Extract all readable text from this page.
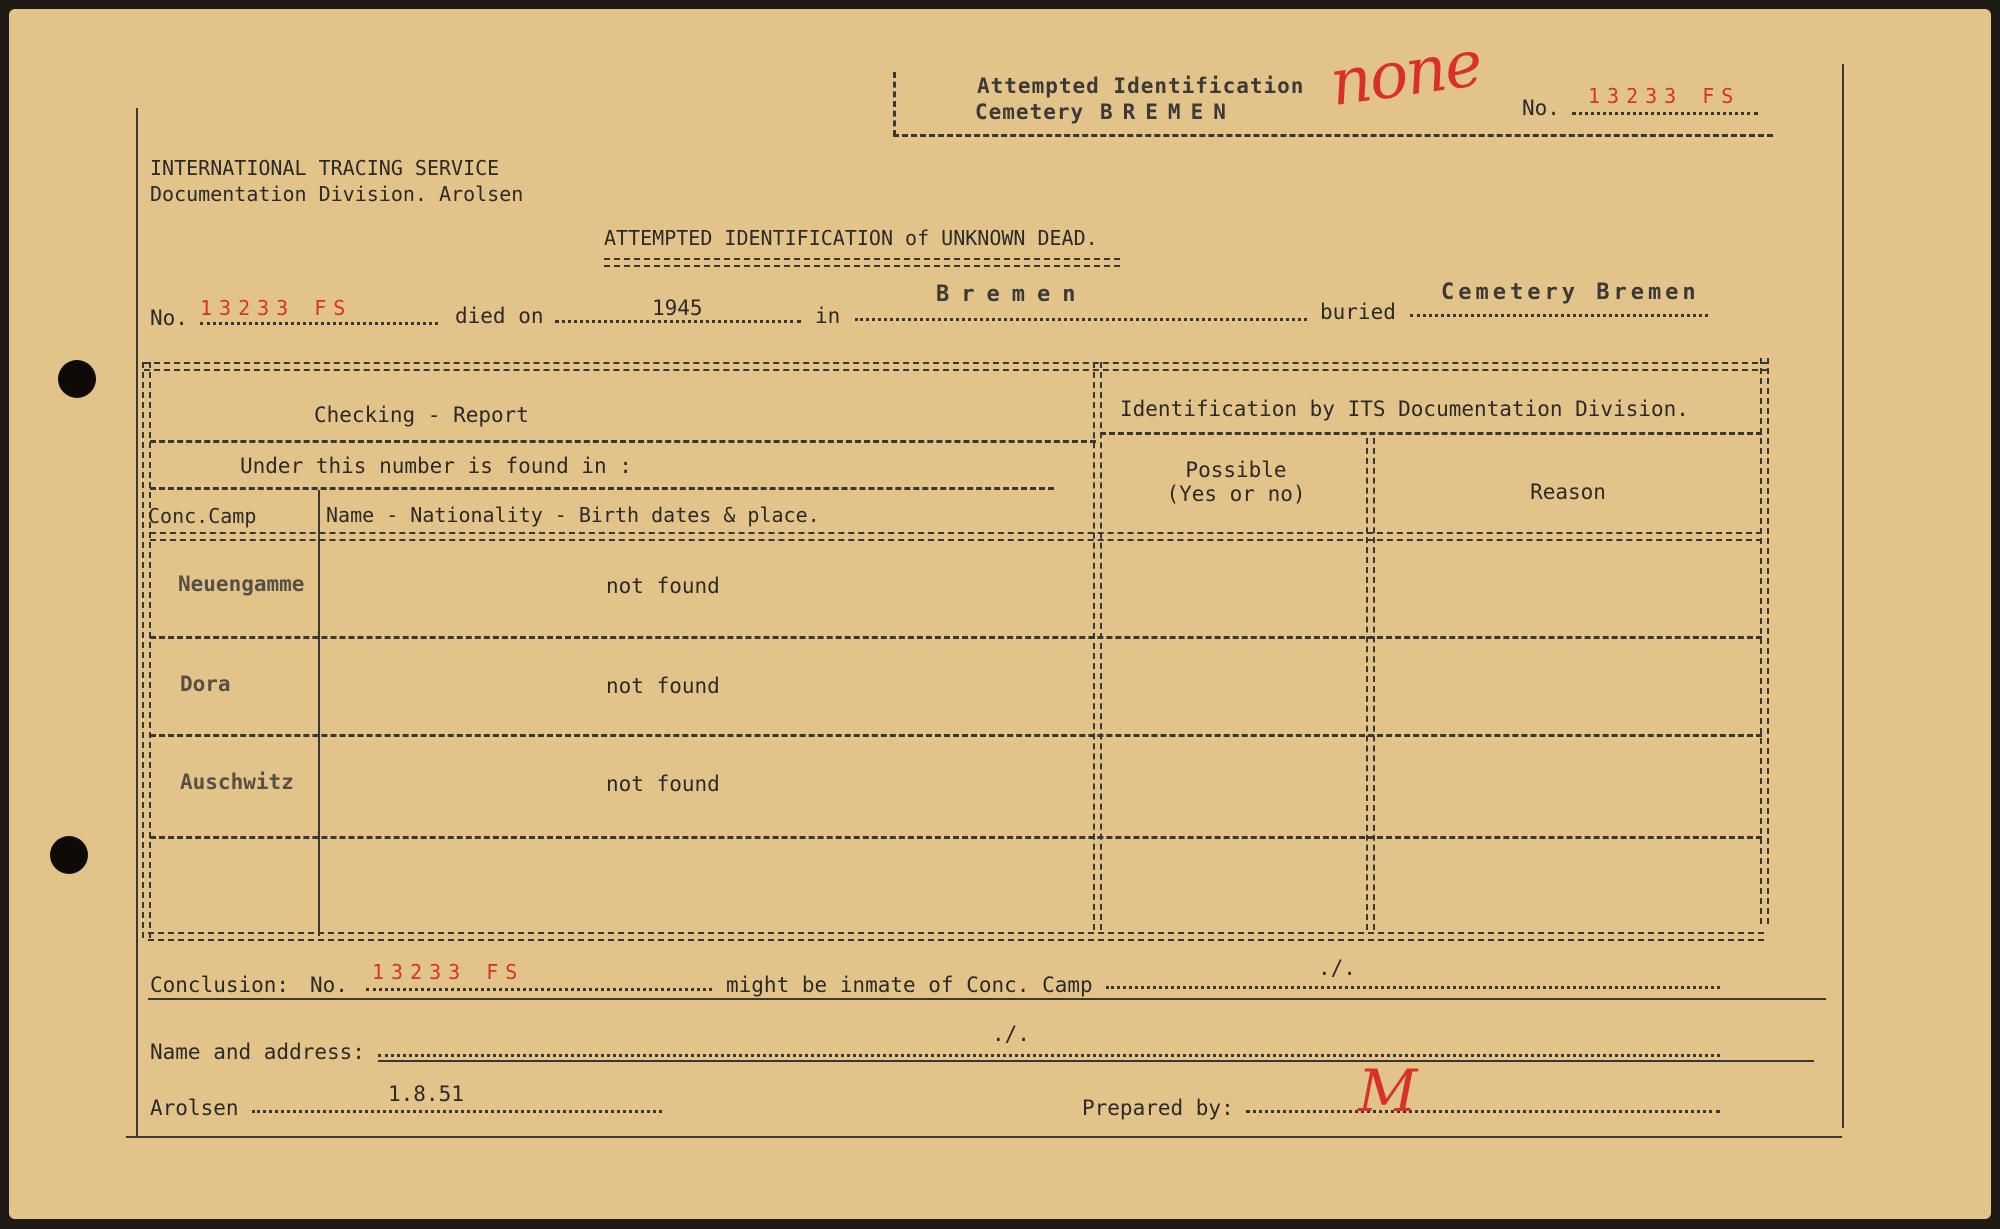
Attempted Identification
Cemetery BREMEN none No. 13233 FS
INTERNATIONAL TRACING SERVICE
Documentation Division. Arolsen
ATTEMPTED IDENTIFICATION of UNKNOWN DEAD.
No. 13233 FS	died on	1945	in
Bremen
buried
Cemetery Bremen
Checking - Report	Identification by ITS Documentation Division.
Under this number is found in :
Conc.Camp	Name - Nationality - Birth dates & place.
Possible
(Yes or no)	Reason
Neuengamme	not found
Dora	not found
Auschwitz	not found
Conclusion: No.
13233 FS
might be inmate of Conc. Camp
./.
Name and address:
./.
Arolsen
1.8.51
Prepared by: M
